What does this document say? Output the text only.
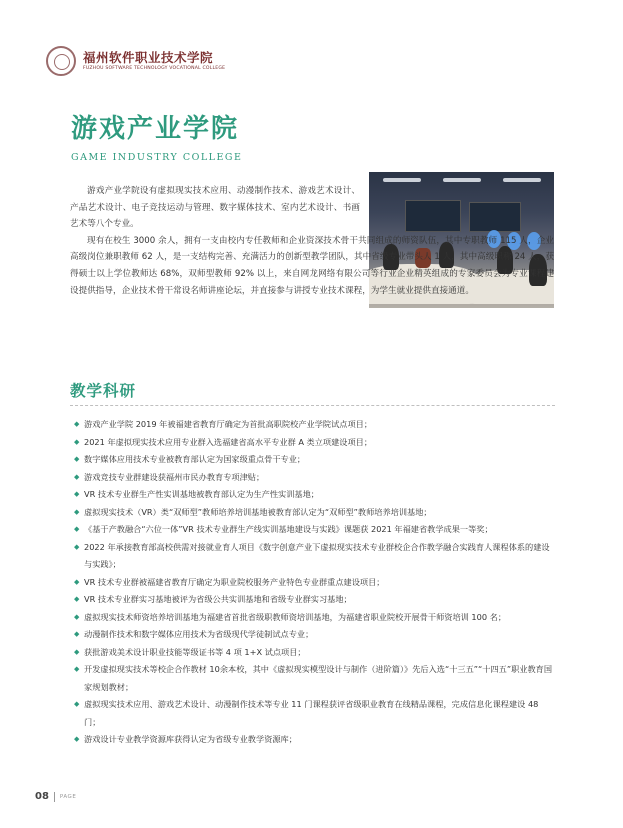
福州软件职业技术学院
FUZHOU SOFTWARE TECHNOLOGY VOCATIONAL COLLEGE
游戏产业学院
GAME INDUSTRY COLLEGE

游戏产业学院设有虚拟现实技术应用、动漫制作技术、游戏艺术设计、产品艺术设计、电子竞技运动与管理、数字媒体技术、室内艺术设计、书画艺术等八个专业。

现有在校生 3000 余人，拥有一支由校内专任教师和企业资深技术骨干共同组成的师资队伍，其中专职教师 115 人，企业高级岗位兼职教师 62 人，是一支结构完善、充满活力的创新型教学团队，其中省级专业带头人 1 人，其中高级职称 24 人，获得硕士以上学位教师达 68%，双师型教师 92% 以上，来自网龙网络有限公司等行业企业精英组成的专家委员会为专业课程建设提供指导，企业技术骨干常设名师讲座论坛，并直接参与讲授专业技术课程，为学生就业提供直接通道。

教学科研
◆ 游戏产业学院 2019 年被福建省教育厅确定为首批高职院校产业学院试点项目；
◆ 2021 年虚拟现实技术应用专业群入选福建省高水平专业群 A 类立项建设项目；
◆ 数字媒体应用技术专业被教育部认定为国家级重点骨干专业；
◆ 游戏竞技专业群建设获福州市民办教育专项津贴；
◆ VR 技术专业群生产性实训基地被教育部认定为生产性实训基地；
◆ 虚拟现实技术（VR）类“双师型”教师培养培训基地被教育部认定为“双师型”教师培养培训基地；
◆ 《基于产教融合“六位一体”VR 技术专业群生产线实训基地建设与实践》课题获 2021 年福建省教学成果一等奖；
◆ 2022 年承接教育部高校供需对接就业育人项目《数字创意产业下虚拟现实技术专业群校企合作教学融合实践育人课程体系的建设与实践》；
◆ VR 技术专业群被福建省教育厅确定为职业院校服务产业特色专业群重点建设项目；
◆ VR 技术专业群实习基地被评为省级公共实训基地和省级专业群实习基地；
◆ 虚拟现实技术师资培养培训基地为福建省首批省级职教师资培训基地，为福建省职业院校开展骨干师资培训 100 名；
◆ 动漫制作技术和数字媒体应用技术为省级现代学徒制试点专业；
◆ 获批游戏美术设计职业技能等级证书等 4 项 1+X 试点项目；
◆ 开发虚拟现实技术等校企合作教材 10余本校，其中《虚拟现实模型设计与制作（进阶篇）》先后入选“十三五”“十四五”职业教育国家规划教材；
◆ 虚拟现实技术应用、游戏艺术设计、动漫制作技术等专业 11 门课程获评省级职业教育在线精品课程，完成信息化课程建设 48 门；
◆ 游戏设计专业教学资源库获得认定为省级专业教学资源库；
08 PAGE
